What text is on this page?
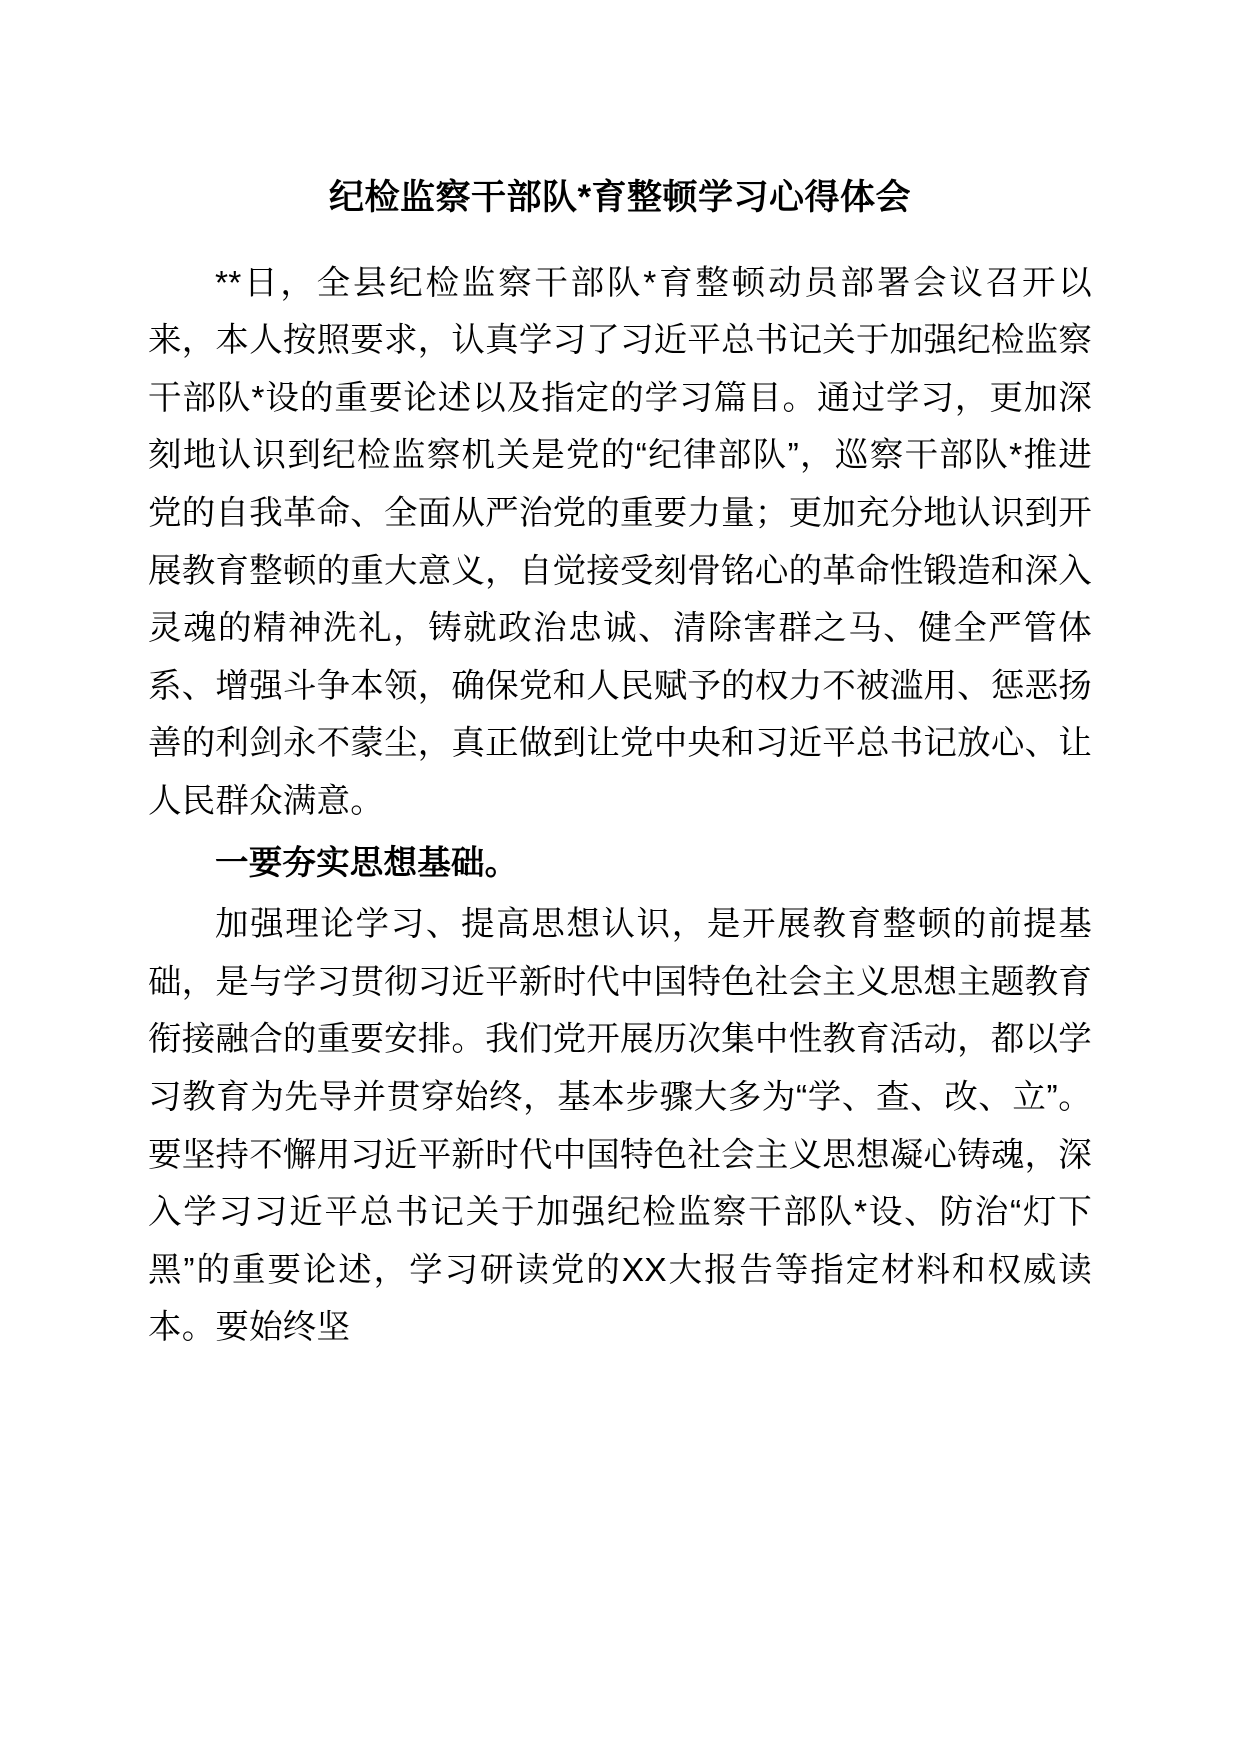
纪检监察干部队*育整顿学习心得体会

**日，全县纪检监察干部队*育整顿动员部署会议召开以来，本人按照要求，认真学习了习近平总书记关于加强纪检监察干部队*设的重要论述以及指定的学习篇目。通过学习，更加深刻地认识到纪检监察机关是党的“纪律部队”，巡察干部队*推进党的自我革命、全面从严治党的重要力量；更加充分地认识到开展教育整顿的重大意义，自觉接受刻骨铭心的革命性锻造和深入灵魂的精神洗礼，铸就政治忠诚、清除害群之马、健全严管体系、增强斗争本领，确保党和人民赋予的权力不被滥用、惩恶扬善的利剑永不蒙尘，真正做到让党中央和习近平总书记放心、让人民群众满意。

一要夯实思想基础。

加强理论学习、提高思想认识，是开展教育整顿的前提基础，是与学习贯彻习近平新时代中国特色社会主义思想主题教育衔接融合的重要安排。我们党开展历次集中性教育活动，都以学习教育为先导并贯穿始终，基本步骤大多为“学、查、改、立”。要坚持不懈用习近平新时代中国特色社会主义思想凝心铸魂，深入学习习近平总书记关于加强纪检监察干部队*设、防治“灯下黑”的重要论述，学习研读党的XX大报告等指定材料和权威读本。要始终坚
